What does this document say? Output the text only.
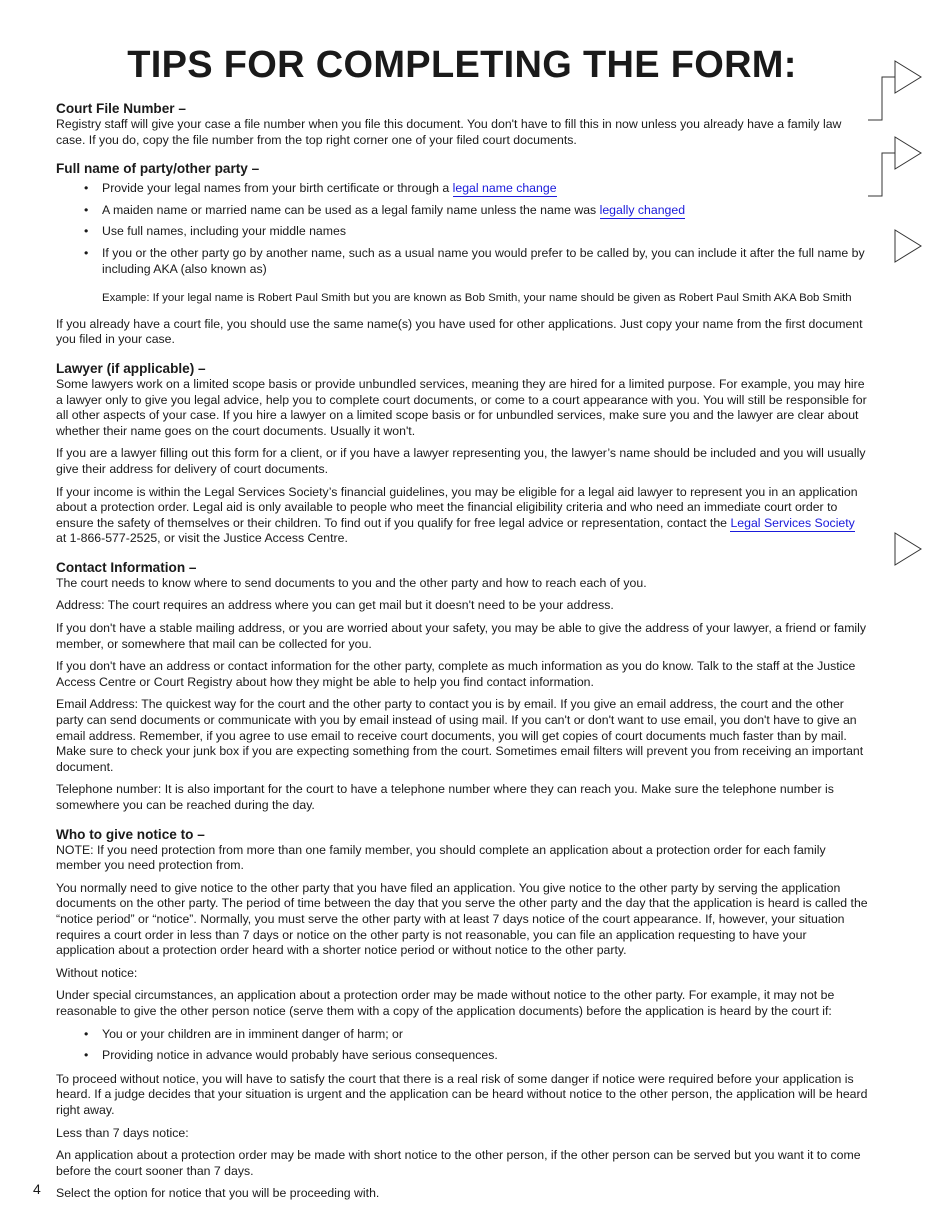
TIPS FOR COMPLETING THE FORM:
Court File Number –

Registry staff will give your case a file number when you file this document. You don't have to fill this in now unless you already have a family law case. If you do, copy the file number from the top right corner one of your filed court documents.

Full name of party/other party –
• Provide your legal names from your birth certificate or through a legal name change
• A maiden name or married name can be used as a legal family name unless the name was legally changed
• Use full names, including your middle names
• If you or the other party go by another name, such as a usual name you would prefer to be called by, you can include it after the full name by including AKA (also known as)

Example: If your legal name is Robert Paul Smith but you are known as Bob Smith, your name should be given as Robert Paul Smith AKA Bob Smith

If you already have a court file, you should use the same name(s) you have used for other applications. Just copy your name from the first document you filed in your case.

Lawyer (if applicable) –

Some lawyers work on a limited scope basis or provide unbundled services, meaning they are hired for a limited purpose. For example, you may hire a lawyer only to give you legal advice, help you to complete court documents, or come to a court appearance with you. You will still be responsible for all other aspects of your case. If you hire a lawyer on a limited scope basis or for unbundled services, make sure you and the lawyer are clear about whether their name goes on the court documents. Usually it won't.

If you are a lawyer filling out this form for a client, or if you have a lawyer representing you, the lawyer’s name should be included and you will usually give their address for delivery of court documents.

If your income is within the Legal Services Society’s financial guidelines, you may be eligible for a legal aid lawyer to represent you in an application about a protection order. Legal aid is only available to people who meet the financial eligibility criteria and who need an immediate court order to ensure the safety of themselves or their children. To find out if you qualify for free legal advice or representation, contact the Legal Services Society at 1-866-577-2525, or visit the Justice Access Centre.

Contact Information –

The court needs to know where to send documents to you and the other party and how to reach each of you.

Address: The court requires an address where you can get mail but it doesn't need to be your address.

If you don't have a stable mailing address, or you are worried about your safety, you may be able to give the address of your lawyer, a friend or family member, or somewhere that mail can be collected for you.

If you don't have an address or contact information for the other party, complete as much information as you do know. Talk to the staff at the Justice Access Centre or Court Registry about how they might be able to help you find contact information.

Email Address: The quickest way for the court and the other party to contact you is by email. If you give an email address, the court and the other party can send documents or communicate with you by email instead of using mail. If you can't or don't want to use email, you don't have to give an email address. Remember, if you agree to use email to receive court documents, you will get copies of court documents much faster than by mail. Make sure to check your junk box if you are expecting something from the court. Sometimes email filters will prevent you from receiving an important document.

Telephone number: It is also important for the court to have a telephone number where they can reach you. Make sure the telephone number is somewhere you can be reached during the day.

Who to give notice to –

NOTE: If you need protection from more than one family member, you should complete an application about a protection order for each family member you need protection from.

You normally need to give notice to the other party that you have filed an application. You give notice to the other party by serving the application documents on the other party. The period of time between the day that you serve the other party and the day that the application is heard is called the “notice period” or “notice”. Normally, you must serve the other party with at least 7 days notice of the court appearance. If, however, your situation requires a court order in less than 7 days or notice on the other party is not reasonable, you can file an application requesting to have your application about a protection order heard with a shorter notice period or without notice to the other party.

Without notice:

Under special circumstances, an application about a protection order may be made without notice to the other party. For example, it may not be reasonable to give the other person notice (serve them with a copy of the application documents) before the application is heard by the court if:

• You or your children are in imminent danger of harm; or
• Providing notice in advance would probably have serious consequences.

To proceed without notice, you will have to satisfy the court that there is a real risk of some danger if notice were required before your application is heard. If a judge decides that your situation is urgent and the application can be heard without notice to the other person, the application will be heard right away.

Less than 7 days notice:

An application about a protection order may be made with short notice to the other person, if the other person can be served but you want it to come before the court sooner than 7 days.

Select the option for notice that you will be proceeding with.

4
